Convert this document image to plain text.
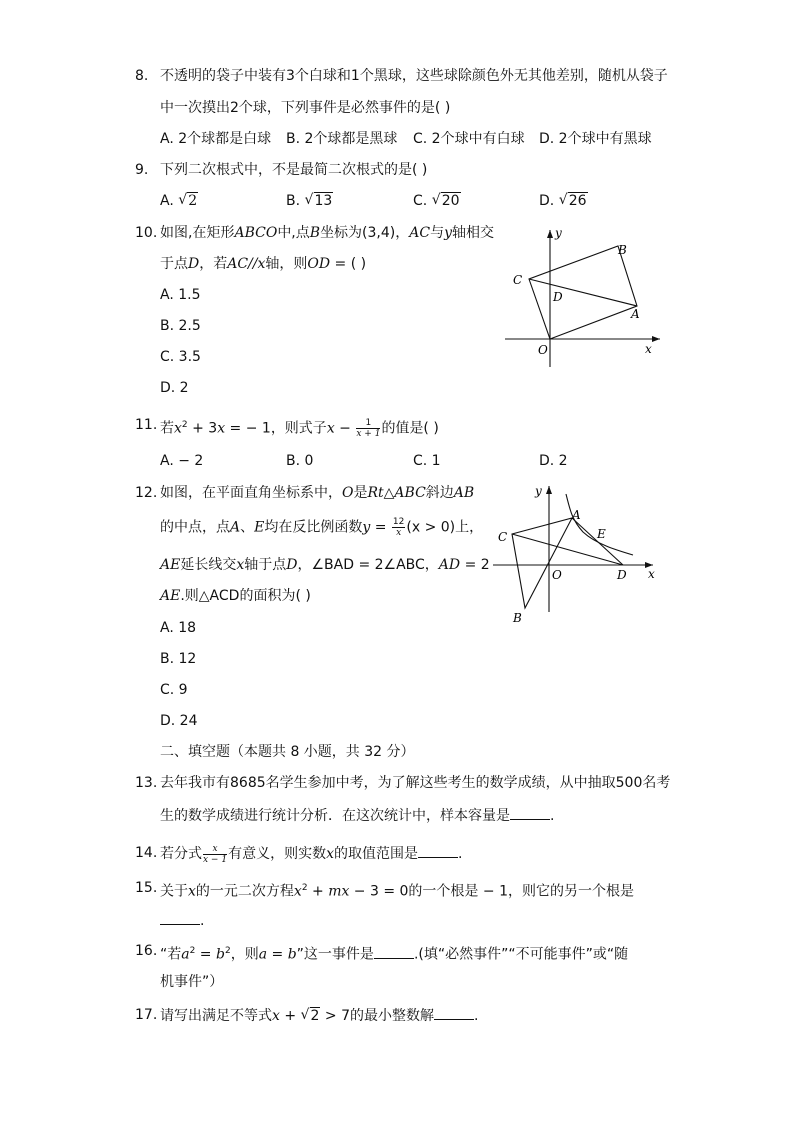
8. 不透明的袋子中装有3个白球和1个黑球，这些球除颜色外无其他差别，随机从袋子
中一次摸出2个球，下列事件是必然事件的是( )
A. 2个球都是白球 B. 2个球都是黑球 C. 2个球中有白球 D. 2个球中有黑球
9. 下列二次根式中，不是最简二次根式的是( )
A. √ 2	B. √ 13	C. √ 20	D. √ 26
10. 如图,在矩形ABCO中,点B坐标为(3,4)，AC与y轴相交
于点D，若AC//x轴，则OD = ( )
A. 1.5
B. 2.5
C. 3.5
D. 2
C
D
B
A
O	x
y
11. 若$x^2 + 3x$ = − 1，则式子$x - \frac{1}{x + 1}$ 的值是( )
A. − 2	B. 0	C. 1	D. 2
12. 如图，在平面直角坐标系中，O是Rt△ABC斜边AB
的中点，点A、E均在反比例函数$y = \frac{12}{x} (x > 0)$上，
AE延长线交x轴于点D，∠BAD = 2∠ABC，AD = 2
AE.则△ACD的面积为( )
A. 18
B. 12
C. 9
D. 24
C
A
E
O	D
B
x
y
二、填空题（本题共 8 小题，共 32 分）
13. 去年我市有8685名学生参加中考，为了解这些考生的数学成绩，从中抽取500名考
生的数学成绩进行统计分析．在这次统计中，样本容量是	.
14. 若分式 $\frac{x}{x - 1}$ 有意义，则实数x的取值范围是	.
15. 关于x的一元二次方程$x^2$ + mx − 3 = 0的一个根是 − 1，则它的另一个根是
.
16. “若$a^2 = b^2$，则a = b”这一事件是	.(填“必然事件”“不可能事件”或“随
机事件”）
17. 请写出满足不等式x + √ 2 > 7的最小整数解	.
